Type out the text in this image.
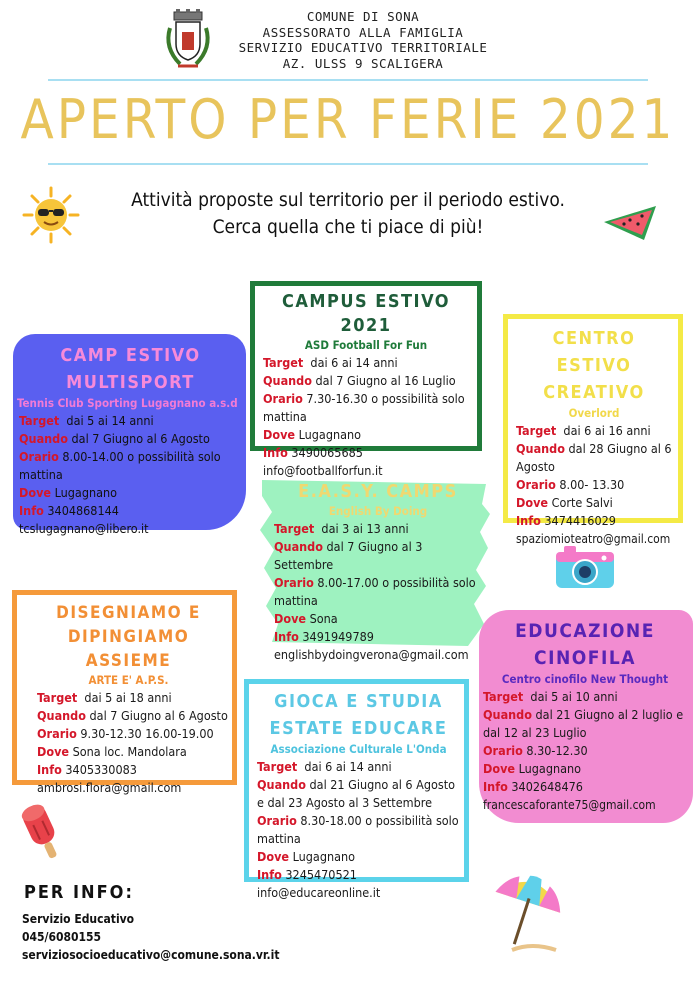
COMUNE DI SONA
ASSESSORATO ALLA FAMIGLIA
SERVIZIO EDUCATIVO TERRITORIALE
AZ. ULSS 9 SCALIGERA
APERTO PER FERIE 2021
Attività proposte sul territorio per il periodo estivo.
Cerca quella che ti piace di più!
CAMPUS ESTIVO 2021
ASD Football For Fun
Target dai 6 ai 14 anni
Quando dal 7 Giugno al 16 Luglio
Orario 7.30-16.30 o possibilità solo mattina
Dove Lugagnano
Info 3490065685 info@footballforfun.it
CAMP ESTIVO
MULTISPORT
Tennis Club Sporting Lugagnano a.s.d
Target dai 5 ai 14 anni
Quando dal 7 Giugno al 6 Agosto
Orario 8.00-14.00 o possibilità solo mattina
Dove Lugagnano
Info 3404868144 tcslugagnano@libero.it
CENTRO ESTIVO
CREATIVO
Overlord
Target dai 6 ai 16 anni
Quando dal 28 Giugno al 6 Agosto
Orario 8.00- 13.30
Dove Corte Salvi
Info 3474416029
spaziomioteatro@gmail.com
E.A.S.Y. CAMPS
English By Doing
Target dai 3 ai 13 anni
Quando dal 7 Giugno al 3 Settembre
Orario 8.00-17.00 o possibilità solo mattina
Dove Sona
Info 3491949789
englishbydoingverona@gmail.com
DISEGNIAMO E
DIPINGIAMO ASSIEME
ARTE E' A.P.S.
Target dai 5 ai 18 anni
Quando dal 7 Giugno al 6 Agosto
Orario 9.30-12.30 16.00-19.00
Dove Sona loc. Mandolara
Info 3405330083
ambrosi.flora@gmail.com
EDUCAZIONE
CINOFILA
Centro cinofilo New Thought
Target dai 5 ai 10 anni
Quando dal 21 Giugno al 2 luglio e dal 12 al 23 Luglio
Orario 8.30-12.30
Dove Lugagnano
Info 3402648476
francescaforante75@gmail.com
GIOCA E STUDIA
ESTATE EDUCARE
Associazione Culturale L'Onda
Target dai 6 ai 14 anni
Quando dal 21 Giugno al 6 Agosto e dal 23 Agosto al 3 Settembre
Orario 8.30-18.00 o possibilità solo mattina
Dove Lugagnano
Info 3245470521 info@educareonline.it
PER INFO:
Servizio Educativo
045/6080155
serviziosocioeducativo@comune.sona.vr.it
